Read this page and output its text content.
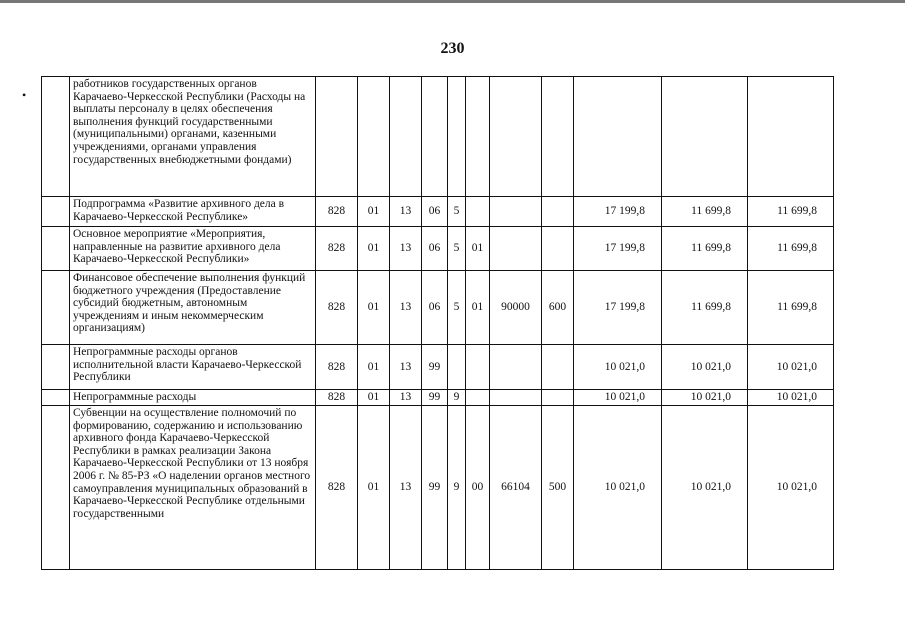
•
230
	работников государственных органов Карачаево-Черкесской Республики (Расходы на выплаты персоналу в целях обеспечения выполнения функций государственными (муниципальными) органами, казенными учреждениями, органами управления государственных внебюджетными фондами)											
	Подпрограмма «Развитие архивного дела в Карачаево-Черкесской Республике»	828	01	13	06	5				17 199,8	11 699,8	11 699,8
	Основное мероприятие «Мероприятия, направленные на развитие архивного дела Карачаево-Черкесской Республики»	828	01	13	06	5	01			17 199,8	11 699,8	11 699,8
	Финансовое обеспечение выполнения функций бюджетного учреждения (Предоставление субсидий бюджетным, автономным учреждениям и иным некоммерческим организациям)	828	01	13	06	5	01	90000	600	17 199,8	11 699,8	11 699,8
	Непрограммные расходы органов исполнительной власти Карачаево-Черкесской Республики	828	01	13	99					10 021,0	10 021,0	10 021,0
	Непрограммные расходы	828	01	13	99	9				10 021,0	10 021,0	10 021,0
	Субвенции на осуществление полномочий по формированию, содержанию и использованию архивного фонда Карачаево-Черкесской Республики в рамках реализации Закона Карачаево-Черкесской Республики от 13 ноября 2006 г. № 85-РЗ «О наделении органов местного самоуправления муниципальных образований в Карачаево-Черкесской Республике отдельными государственными	828	01	13	99	9	00	66104	500	10 021,0	10 021,0	10 021,0
